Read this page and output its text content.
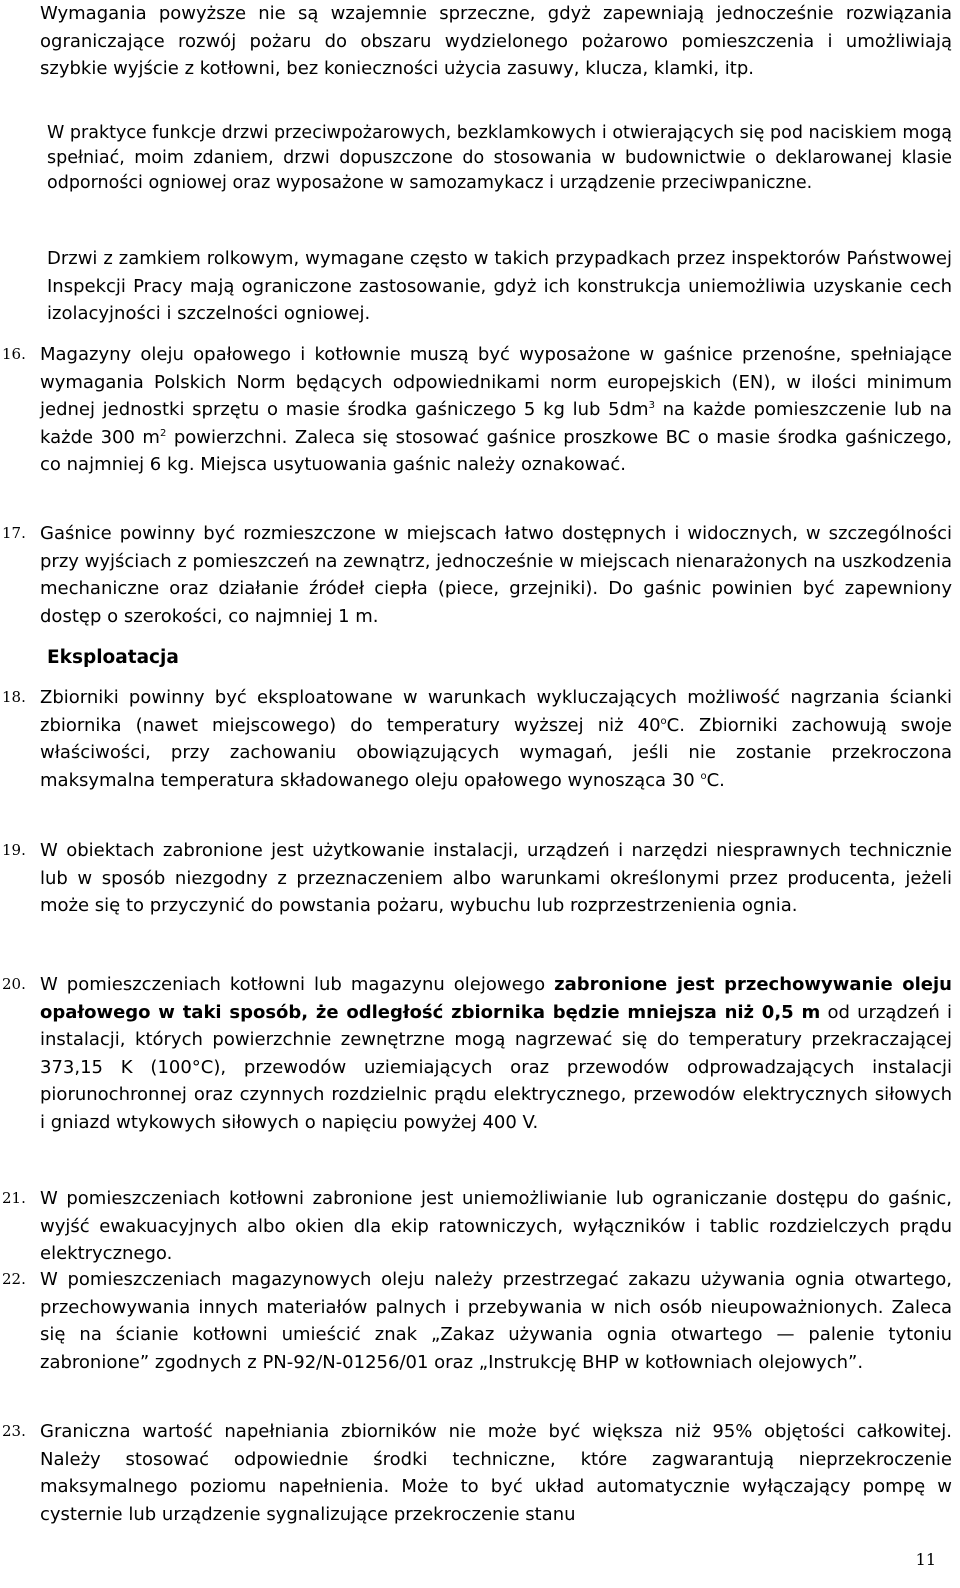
Wymagania powyższe nie są wzajemnie sprzeczne, gdyż zapewniają jednocześnie rozwiązania ograniczające rozwój pożaru do obszaru wydzielonego pożarowo pomieszczenia i umożliwiają szybkie wyjście z kotłowni, bez konieczności użycia zasuwy, klucza, klamki, itp.

W praktyce funkcje drzwi przeciwpożarowych, bezklamkowych i otwierających się pod naciskiem mogą spełniać, moim zdaniem, drzwi dopuszczone do stosowania w budownictwie o deklarowanej klasie odporności ogniowej oraz wyposażone w samozamykacz i urządzenie przeciwpaniczne.

Drzwi z zamkiem rolkowym, wymagane często w takich przypadkach przez inspektorów Państwowej Inspekcji Pracy mają ograniczone zastosowanie, gdyż ich konstrukcja uniemożliwia uzyskanie cech izolacyjności i szczelności ogniowej.

16. Magazyny oleju opałowego i kotłownie muszą być wyposażone w gaśnice przenośne, spełniające wymagania Polskich Norm będących odpowiednikami norm europejskich (EN), w ilości minimum jednej jednostki sprzętu o masie środka gaśniczego 5 kg lub $5dm^3$ na każde pomieszczenie lub na każde 300 $m^2$ powierzchni. Zaleca się stosować gaśnice proszkowe BC o masie środka gaśniczego, co najmniej 6 kg. Miejsca usytuowania gaśnic należy oznakować.
17. Gaśnice powinny być rozmieszczone w miejscach łatwo dostępnych i widocznych, w szczególności przy wyjściach z pomieszczeń na zewnątrz, jednocześnie w miejscach nienarażonych na uszkodzenia mechaniczne oraz działanie źródeł ciepła (piece, grzejniki). Do gaśnic powinien być zapewniony dostęp o szerokości, co najmniej 1 m.
Eksploatacja
18. Zbiorniki powinny być eksploatowane w warunkach wykluczających możliwość nagrzania ścianki zbiornika (nawet miejscowego) do temperatury wyższej niż 40$^o$C. Zbiorniki zachowują swoje właściwości, przy zachowaniu obowiązujących wymagań, jeśli nie zostanie przekroczona maksymalna temperatura składowanego oleju opałowego wynosząca 30 $^o$C.
19. W obiektach zabronione jest użytkowanie instalacji, urządzeń i narzędzi niesprawnych technicznie lub w sposób niezgodny z przeznaczeniem albo warunkami określonymi przez producenta, jeżeli może się to przyczynić do powstania pożaru, wybuchu lub rozprzestrzenienia ognia.
20. W pomieszczeniach kotłowni lub magazynu olejowego zabronione jest przechowywanie oleju opałowego w taki sposób, że odległość zbiornika będzie mniejsza niż 0,5 m od urządzeń i instalacji, których powierzchnie zewnętrzne mogą nagrzewać się do temperatury przekraczającej 373,15 K (100°C), przewodów uziemiających oraz przewodów odprowadzających instalacji piorunochronnej oraz czynnych rozdzielnic prądu elektrycznego, przewodów elektrycznych siłowych i gniazd wtykowych siłowych o napięciu powyżej 400 V.
21. W pomieszczeniach kotłowni zabronione jest uniemożliwianie lub ograniczanie dostępu do gaśnic, wyjść ewakuacyjnych albo okien dla ekip ratowniczych, wyłączników i tablic rozdzielczych prądu elektrycznego.
22. W pomieszczeniach magazynowych oleju należy przestrzegać zakazu używania ognia otwartego, przechowywania innych materiałów palnych i przebywania w nich osób nieupoważnionych. Zaleca się na ścianie kotłowni umieścić znak „Zakaz używania ognia otwartego — palenie tytoniu zabronione” zgodnych z PN-92/N-01256/01 oraz „Instrukcję BHP w kotłowniach olejowych”.
23. Graniczna wartość napełniania zbiorników nie może być większa niż 95% objętości całkowitej. Należy stosować odpowiednie środki techniczne, które zagwarantują nieprzekroczenie maksymalnego poziomu napełnienia. Może to być układ automatycznie wyłączający pompę w cysternie lub urządzenie sygnalizujące przekroczenie stanu
11
